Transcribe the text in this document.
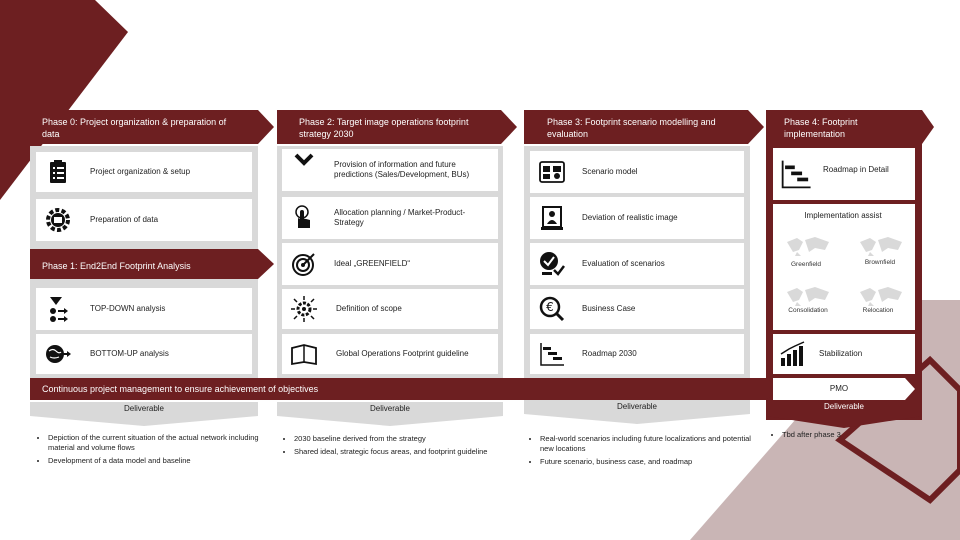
Phase 0: Project organization & preparation of data
Project organization & setup
Preparation of data
Phase 1: End2End Footprint Analysis
TOP-DOWN analysis
BOTTOM-UP analysis
Phase 2: Target image operations footprint strategy 2030
Provision of information and future predictions (Sales/Development, BUs)
Allocation planning / Market-Product-Strategy
Ideal „GREENFIELD“
Definition of scope
Global Operations Footprint guideline
Phase 3: Footprint scenario modelling and evaluation
Scenario model
Deviation of realistic image
Evaluation of scenarios
€	Business Case
Roadmap 2030
Phase 4: Footprint implementation
Roadmap in Detail
Implementation assist
Greenfield	Brownfield
Consolidation	Relocation
Stabilization
Continuous project management to ensure achievement of objectives	PMO
Deliverable	Deliverable	Deliverable	Deliverable
• Depiction of the current situation of the actual network including material and volume flows
• Development of a data model and baseline
• 2030 baseline derived from the strategy
• Shared ideal, strategic focus areas, and footprint guideline
• Real-world scenarios including future localizations and potential new locations
• Future scenario, business case, and roadmap
• Tbd after phase 3
